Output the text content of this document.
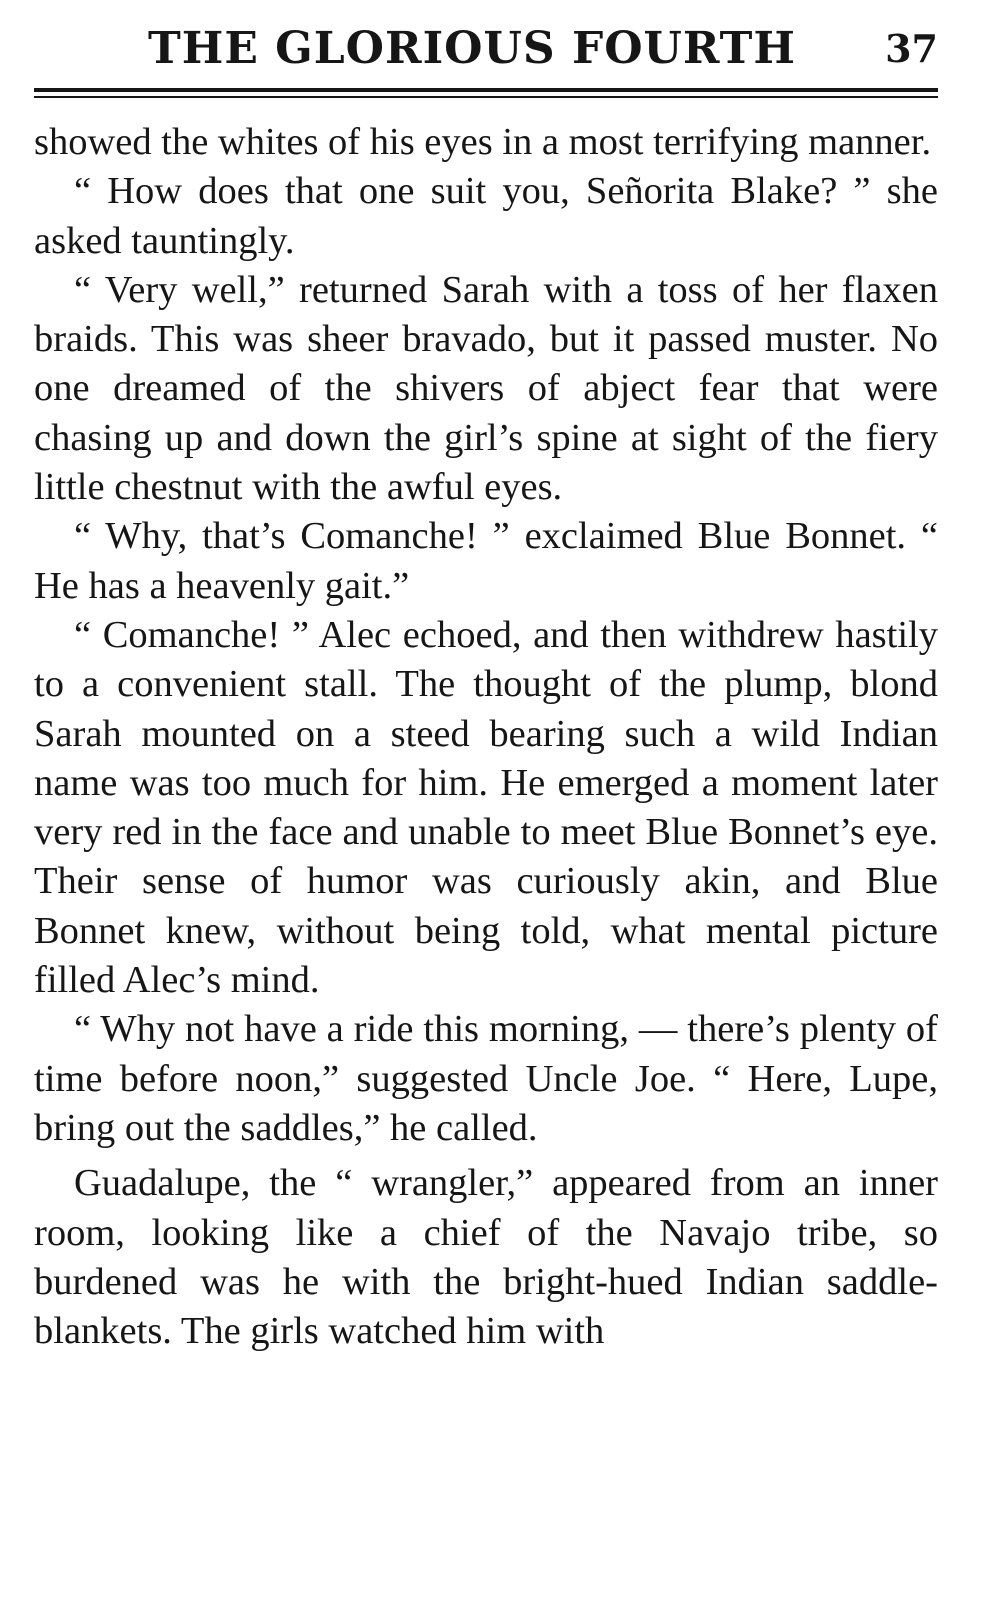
THE GLORIOUS FOURTH 37

showed the whites of his eyes in a most terrifying manner.

“ How does that one suit you, Señorita Blake? ” she asked tauntingly.

“ Very well,” returned Sarah with a toss of her flaxen braids. This was sheer bravado, but it passed muster. No one dreamed of the shivers of abject fear that were chasing up and down the girl’s spine at sight of the fiery little chestnut with the awful eyes.

“ Why, that’s Comanche! ” exclaimed Blue Bonnet. “ He has a heavenly gait.”

“ Comanche! ” Alec echoed, and then withdrew hastily to a convenient stall. The thought of the plump, blond Sarah mounted on a steed bearing such a wild Indian name was too much for him. He emerged a moment later very red in the face and unable to meet Blue Bonnet’s eye. Their sense of humor was curiously akin, and Blue Bonnet knew, without being told, what mental picture filled Alec’s mind.

“ Why not have a ride this morning, — there’s plenty of time before noon,” suggested Uncle Joe. “ Here, Lupe, bring out the saddles,” he called.

Guadalupe, the “ wrangler,” appeared from an inner room, looking like a chief of the Navajo tribe, so burdened was he with the bright-hued Indian saddle-blankets. The girls watched him with
